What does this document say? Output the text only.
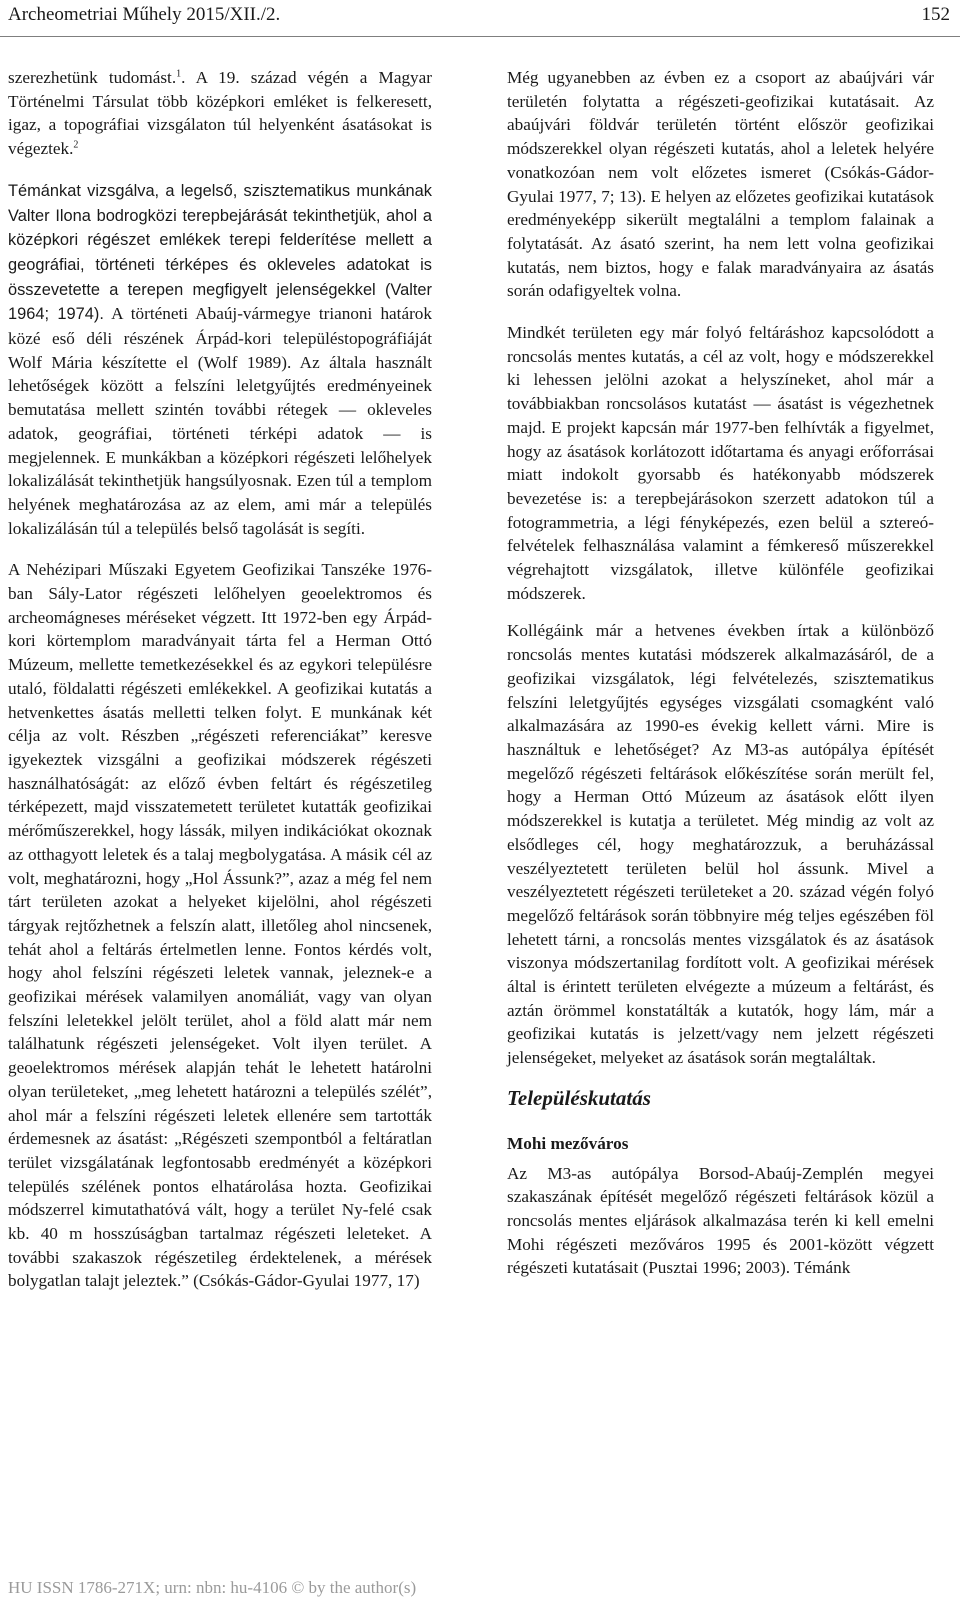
Archeometriai Műhely 2015/XII./2.	152

szerezhetünk tudomást.$^1$. A 19. század végén a Magyar Történelmi Társulat több középkori emléket is felkeresett, igaz, a topográfiai vizsgálaton túl helyenként ásatásokat is végeztek.$^2$

Témánkat vizsgálva, a legelső, szisztematikus munkának Valter Ilona bodrogközi terepbejárását tekinthetjük, ahol a középkori régészet emlékek terepi felderítése mellett a geográfiai, történeti térképes és okleveles adatokat is összevetette a terepen megfigyelt jelenségekkel (Valter 1964; 1974). A történeti Abaúj-vármegye trianoni határok közé eső déli részének Árpád-kori településtopográfiáját Wolf Mária készítette el (Wolf 1989). Az általa használt lehetőségek között a felszíni leletgyűjtés eredményeinek bemutatása mellett szintén további rétegek — okleveles adatok, geográfiai, történeti térképi adatok — is megjelennek. E munkákban a középkori régészeti lelőhelyek lokalizálását tekinthetjük hangsúlyosnak. Ezen túl a templom helyének meghatározása az az elem, ami már a település lokalizálásán túl a település belső tagolását is segíti.

A Nehézipari Műszaki Egyetem Geofizikai Tanszéke 1976-ban Sály-Lator régészeti lelőhelyen geoelektromos és archeomágneses méréseket végzett. Itt 1972-ben egy Árpád-kori körtemplom maradványait tárta fel a Herman Ottó Múzeum, mellette temetkezésekkel és az egykori településre utaló, földalatti régészeti emlékekkel. A geofizikai kutatás a hetvenkettes ásatás melletti telken folyt. E munkának két célja az volt. Részben „régészeti referenciákat” keresve igyekeztek vizsgálni a geofizikai módszerek régészeti használhatóságát: az előző évben feltárt és régészetileg térképezett, majd visszatemetett területet kutatták geofizikai mérőműszerekkel, hogy lássák, milyen indikációkat okoznak az otthagyott leletek és a talaj megbolygatása. A másik cél az volt, meghatározni, hogy „Hol Ássunk?”, azaz a még fel nem tárt területen azokat a helyeket kijelölni, ahol régészeti tárgyak rejtőzhetnek a felszín alatt, illetőleg ahol nincsenek, tehát ahol a feltárás értelmetlen lenne. Fontos kérdés volt, hogy ahol felszíni régészeti leletek vannak, jeleznek-e a geofizikai mérések valamilyen anomáliát, vagy van olyan felszíni leletekkel jelölt terület, ahol a föld alatt már nem találhatunk régészeti jelenségeket. Volt ilyen terület. A geoelektromos mérések alapján tehát le lehetett határolni olyan területeket, „meg lehetett határozni a település szélét”, ahol már a felszíni régészeti leletek ellenére sem tartották érdemesnek az ásatást: „Régészeti szempontból a feltáratlan terület vizsgálatának legfontosabb eredményét a középkori település szélének pontos elhatárolása hozta. Geofizikai módszerrel kimutathatóvá vált, hogy a terület Ny-felé csak kb. 40 m hosszúságban tartalmaz régészeti leleteket. A további szakaszok régészetileg érdektelenek, a mérések bolygatlan talajt jeleztek.” (Csókás-Gádor-Gyulai 1977, 17)

Még ugyanebben az évben ez a csoport az abaújvári vár területén folytatta a régészeti-geofizikai kutatásait. Az abaújvári földvár területén történt először geofizikai módszerekkel olyan régészeti kutatás, ahol a leletek helyére vonatkozóan nem volt előzetes ismeret (Csókás-Gádor-Gyulai 1977, 7; 13). E helyen az előzetes geofizikai kutatások eredményeképp sikerült megtalálni a templom falainak a folytatását. Az ásató szerint, ha nem lett volna geofizikai kutatás, nem biztos, hogy e falak maradványaira az ásatás során odafigyeltek volna.

Mindkét területen egy már folyó feltáráshoz kapcsolódott a roncsolás mentes kutatás, a cél az volt, hogy e módszerekkel ki lehessen jelölni azokat a helyszíneket, ahol már a továbbiakban roncsolásos kutatást — ásatást is végezhetnek majd. E projekt kapcsán már 1977-ben felhívták a figyelmet, hogy az ásatások korlátozott időtartama és anyagi erőforrásai miatt indokolt gyorsabb és hatékonyabb módszerek bevezetése is: a terepbejárásokon szerzett adatokon túl a fotogrammetria, a légi fényképezés, ezen belül a sztereó-felvételek felhasználása valamint a fémkereső műszerekkel végrehajtott vizsgálatok, illetve különféle geofizikai módszerek.

Kollégáink már a hetvenes években írtak a különböző roncsolás mentes kutatási módszerek alkalmazásáról, de a geofizikai vizsgálatok, légi felvételezés, szisztematikus felszíni leletgyűjtés egységes vizsgálati csomagként való alkalmazására az 1990-es évekig kellett várni. Mire is használtuk e lehetőséget? Az M3-as autópálya építését megelőző régészeti feltárások előkészítése során merült fel, hogy a Herman Ottó Múzeum az ásatások előtt ilyen módszerekkel is kutatja a területet. Még mindig az volt az elsődleges cél, hogy meghatározzuk, a beruházással veszélyeztetett területen belül hol ássunk. Mivel a veszélyeztetett régészeti területeket a 20. század végén folyó megelőző feltárások során többnyire még teljes egészében föl lehetett tárni, a roncsolás mentes vizsgálatok és az ásatások viszonya módszertanilag fordított volt. A geofizikai mérések által is érintett területen elvégezte a múzeum a feltárást, és aztán örömmel konstatálták a kutatók, hogy lám, már a geofizikai kutatás is jelzett/vagy nem jelzett régészeti jelenségeket, melyeket az ásatások során megtaláltak.

Településkutatás
Mohi mezőváros

Az M3-as autópálya Borsod-Abaúj-Zemplén megyei szakaszának építését megelőző régészeti feltárások közül a roncsolás mentes eljárások alkalmazása terén ki kell emelni Mohi régészeti mezőváros 1995 és 2001-között végzett régészeti kutatásait (Pusztai 1996; 2003). Témánk

HU ISSN 1786-271X; urn: nbn: hu-4106 © by the author(s)
